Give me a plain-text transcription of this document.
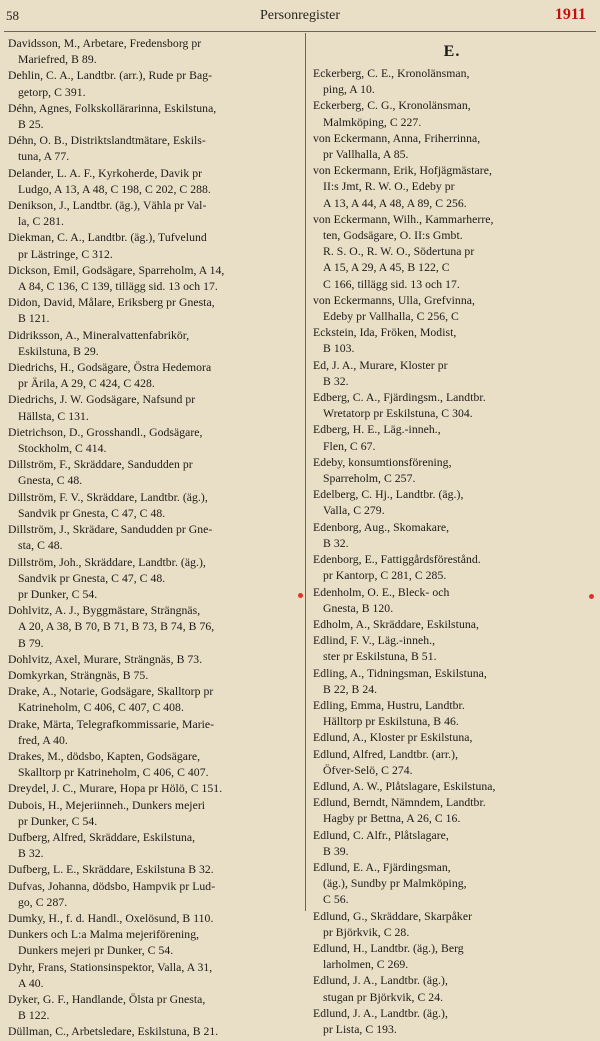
58	Personregister	1911
Davidsson, M., Arbetare, Fredensborg pr
Mariefred, B 89.
Dehlin, C. A., Landtbr. (arr.), Rude pr Bag-
getorp, C 391.
Déhn, Agnes, Folkskollärarinna, Eskilstuna,
B 25.
Déhn, O. B., Distriktslandtmätare, Eskils-
tuna, A 77.
Delander, L. A. F., Kyrkoherde, Davik pr
Ludgo, A 13, A 48, C 198, C 202, C 288.
Denikson, J., Landtbr. (äg.), Vähla pr Val-
la, C 281.
Diekman, C. A., Landtbr. (äg.), Tufvelund
pr Lästringe, C 312.
Dickson, Emil, Godsägare, Sparreholm, A 14,
A 84, C 136, C 139, tillägg sid. 13 och 17.
Didon, David, Målare, Eriksberg pr Gnesta,
B 121.
Didriksson, A., Mineralvattenfabrikör,
Eskilstuna, B 29.
Diedrichs, H., Godsägare, Östra Hedemora
pr Ärila, A 29, C 424, C 428.
Diedrichs, J. W. Godsägare, Nafsund pr
Hällsta, C 131.
Dietrichson, D., Grosshandl., Godsägare,
Stockholm, C 414.
Dillström, F., Skräddare, Sandudden pr
Gnesta, C 48.
Dillström, F. V., Skräddare, Landtbr. (äg.),
Sandvik pr Gnesta, C 47, C 48.
Dillström, J., Skrädare, Sandudden pr Gne-
sta, C 48.
Dillström, Joh., Skräddare, Landtbr. (äg.),
Sandvik pr Gnesta, C 47, C 48.
pr Dunker, C 54.
Dohlvitz, A. J., Byggmästare, Strängnäs,
A 20, A 38, B 70, B 71, B 73, B 74, B 76,
B 79.
Dohlvitz, Axel, Murare, Strängnäs, B 73.
Domkyrkan, Strängnäs, B 75.
Drake, A., Notarie, Godsägare, Skalltorp pr
Katrineholm, C 406, C 407, C 408.
Drake, Märta, Telegrafkommissarie, Marie-
fred, A 40.
Drakes, M., dödsbo, Kapten, Godsägare,
Skalltorp pr Katrineholm, C 406, C 407.
Dreydel, J. C., Murare, Hopa pr Hölö, C 151.
Dubois, H., Mejeriinneh., Dunkers mejeri
pr Dunker, C 54.
Dufberg, Alfred, Skräddare, Eskilstuna,
B 32.
Dufberg, L. E., Skräddare, Eskilstuna B 32.
Dufvas, Johanna, dödsbo, Hampvik pr Lud-
go, C 287.
Dumky, H., f. d. Handl., Oxelösund, B 110.
Dunkers och L:a Malma mejeriförening,
Dunkers mejeri pr Dunker, C 54.
Dyhr, Frans, Stationsinspektor, Valla, A 31,
A 40.
Dyker, G. F., Handlande, Ölsta pr Gnesta,
B 122.
Düllman, C., Arbetsledare, Eskilstuna, B 21.
E.
Eckerberg, C. E., Kronolänsman,
ping, A 10.
Eckerberg, C. G., Kronolänsman,
Malmköping, C 227.
von Eckermann, Anna, Friherrinna,
pr Vallhalla, A 85.
von Eckermann, Erik, Hofjägmästare,
II:s Jmt, R. W. O., Edeby pr
A 13, A 44, A 48, A 89, C 256.
von Eckermann, Wilh., Kammarherre,
ten, Godsägare, O. II:s Gmbt.
R. S. O., R. W. O., Södertuna pr
A 15, A 29, A 45, B 122, C
C 166, tillägg sid. 13 och 17.
von Eckermanns, Ulla, Grefvinna,
Edeby pr Vallhalla, C 256, C
Eckstein, Ida, Fröken, Modist,
B 103.
Ed, J. A., Murare, Kloster pr
B 32.
Edberg, C. A., Fjärdingsm., Landtbr.
Wretatorp pr Eskilstuna, C 304.
Edberg, H. E., Läg.-inneh.,
Flen, C 67.
Edeby, konsumtionsförening,
Sparreholm, C 257.
Edelberg, C. Hj., Landtbr. (äg.),
Valla, C 279.
Edenborg, Aug., Skomakare,
B 32.
Edenborg, E., Fattiggårdsförestånd.
pr Kantorp, C 281, C 285.
Edenholm, O. E., Bleck- och
Gnesta, B 120.
Edholm, A., Skräddare, Eskilstuna,
Edlind, F. V., Läg.-inneh.,
ster pr Eskilstuna, B 51.
Edling, A., Tidningsman, Eskilstuna,
B 22, B 24.
Edling, Emma, Hustru, Landtbr.
Hälltorp pr Eskilstuna, B 46.
Edlund, A., Kloster pr Eskilstuna,
Edlund, Alfred, Landtbr. (arr.),
Öfver-Selö, C 274.
Edlund, A. W., Plåtslagare, Eskilstuna,
Edlund, Berndt, Nämndem, Landtbr.
Hagby pr Bettna, A 26, C 16.
Edlund, C. Alfr., Plåtslagare,
B 39.
Edlund, E. A., Fjärdingsman,
(äg.), Sundby pr Malmköping,
C 56.
Edlund, G., Skräddare, Skarpåker
pr Björkvik, C 28.
Edlund, H., Landtbr. (äg.), Berg
larholmen, C 269.
Edlund, J. A., Landtbr. (äg.),
stugan pr Björkvik, C 24.
Edlund, J. A., Landtbr. (äg.),
pr Lista, C 193.
